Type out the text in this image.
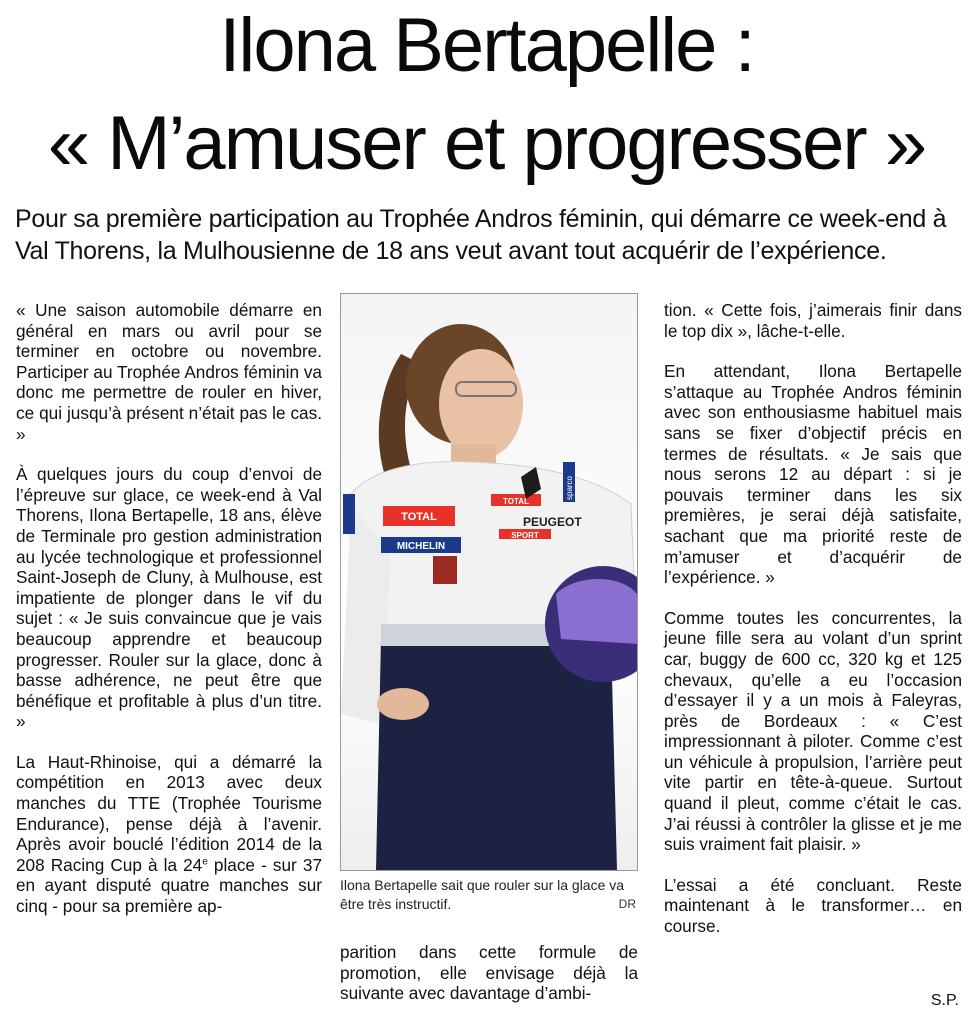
Ilona Bertapelle :
« M’amuser et progresser »
Pour sa première participation au Trophée Andros féminin, qui démarre ce week-end à Val Thorens, la Mulhousienne de 18 ans veut avant tout acquérir de l’expérience.

« Une saison automobile démarre en général en mars ou avril pour se terminer en octobre ou novembre. Participer au Trophée Andros féminin va donc me permettre de rouler en hiver, ce qui jusqu’à présent n’était pas le cas. »

À quelques jours du coup d’envoi de l’épreuve sur glace, ce week-end à Val Thorens, Ilona Bertapelle, 18 ans, élève de Terminale pro gestion administration au lycée technologique et professionnel Saint-Joseph de Cluny, à Mulhouse, est impatiente de plonger dans le vif du sujet : « Je suis convaincue que je vais beaucoup apprendre et beaucoup progresser. Rouler sur la glace, donc à basse adhérence, ne peut être que bénéfique et profitable à plus d’un titre. »

La Haut-Rhinoise, qui a démarré la compétition en 2013 avec deux manches du TTE (Trophée Tourisme Endurance), pense déjà à l’avenir. Après avoir bouclé l’édition 2014 de la 208 Racing Cup à la 24e place - sur 37 en ayant disputé quatre manches sur cinq - pour sa première ap-

TOTAL
MICHELIN
TOTAL
PEUGEOT
SPORT
sparco
Ilona Bertapelle sait que rouler sur la glace va être très instructif.	DR

parition dans cette formule de promotion, elle envisage déjà la suivante avec davantage d’ambi-

tion. « Cette fois, j’aimerais finir dans le top dix », lâche-t-elle.

En attendant, Ilona Bertapelle s’attaque au Trophée Andros féminin avec son enthousiasme habituel mais sans se fixer d’objectif précis en termes de résultats. « Je sais que nous serons 12 au départ : si je pouvais terminer dans les six premières, je serai déjà satisfaite, sachant que ma priorité reste de m’amuser et d’acquérir de l’expérience. »

Comme toutes les concurrentes, la jeune fille sera au volant d’un sprint car, buggy de 600 cc, 320 kg et 125 chevaux, qu’elle a eu l’occasion d’essayer il y a un mois à Faleyras, près de Bordeaux : « C’est impressionnant à piloter. Comme c’est un véhicule à propulsion, l’arrière peut vite partir en tête-à-queue. Surtout quand il pleut, comme c’était le cas. J’ai réussi à contrôler la glisse et je me suis vraiment fait plaisir. »

L’essai a été concluant. Reste maintenant à le transformer… en course.

S.P.
